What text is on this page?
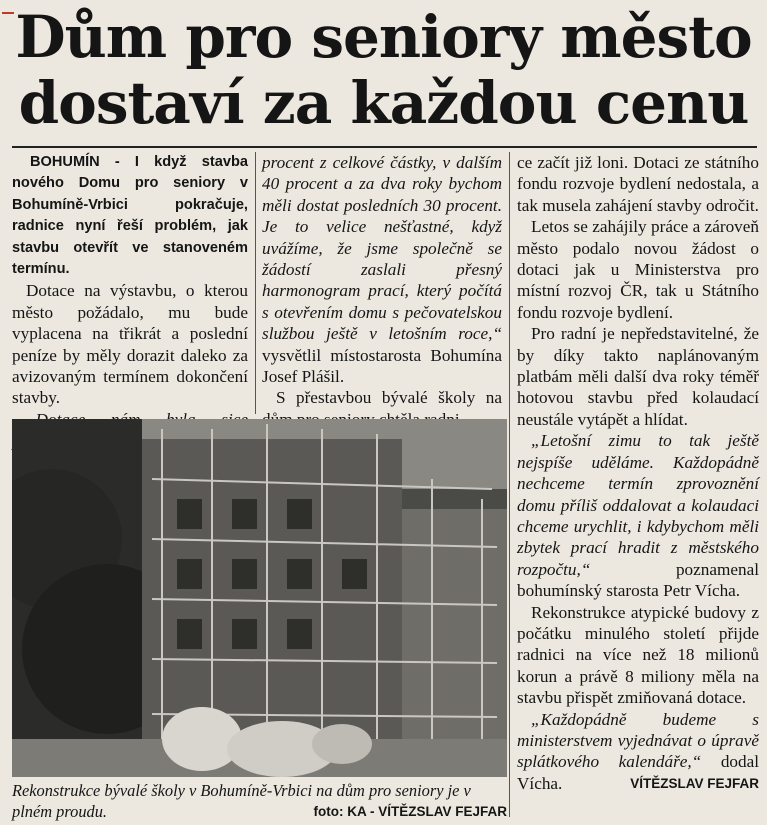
Dům pro seniory město
dostaví za každou cenu

BOHUMÍN - I když stavba nového Domu pro seniory v Bohumíně-Vrbici pokračuje, radnice nyní řeší problém, jak stavbu otevřít ve stanoveném termínu.

Dotace na výstavbu, o kterou město požádalo, mu bude vyplacena na třikrát a poslední peníze by měly dorazit daleko za avizovaným termínem dokončení stavby.

procent z celkové částky, v dalším 40 procent a za dva roky bychom měli dostat posledních 30 procent. Je to velice nešťastné, když uvážíme, že jsme společně se žádostí zaslali přesný harmonogram prací, který počítá s otevřením domu s pečovatelskou službou ještě v letošním roce,“ vysvětlil místostarosta Bohumína Josef Plášil.

S přestavbou bývalé školy na

ce začít již loni. Dotaci ze státního fondu rozvoje bydlení nedostala, a tak musela zahájení stavby odročit.

Letos se zahájily práce a zároveň město podalo novou žádost o dotaci jak u Ministerstva pro místní rozvoj ČR, tak u Státního fondu rozvoje bydlení.

Pro radní je nepředstavitelné, že by díky takto naplánovaným platbám měli další dva roky téměř hotovou stavbu před kolaudací neustále vytápět a hlídat.

„Letošní zimu to tak ještě nejspíše uděláme. Každopádně nechceme termín zprovoznění domu příliš oddalovat a kolaudaci chceme urychlit, i kdybychom měli zbytek prací hradit z městského rozpočtu,“ poznamenal bohumínský starosta Petr Vícha.

Rekonstrukce atypické budovy z počátku minulého století přijde radnici na více než 18 milionů korun a právě 8 miliony měla na stavbu přispět zmiňovaná dotace.

„Každopádně budeme s ministerstvem vyjednávat o úpravě splátkového kalendáře,“ dodal Vícha.	VÍTĚZSLAV FEJFAR

Rekonstrukce bývalé školy v Bohumíně-Vrbici na dům pro seniory je v plném proudu.	foto: KA - VÍTĚZSLAV FEJFAR
